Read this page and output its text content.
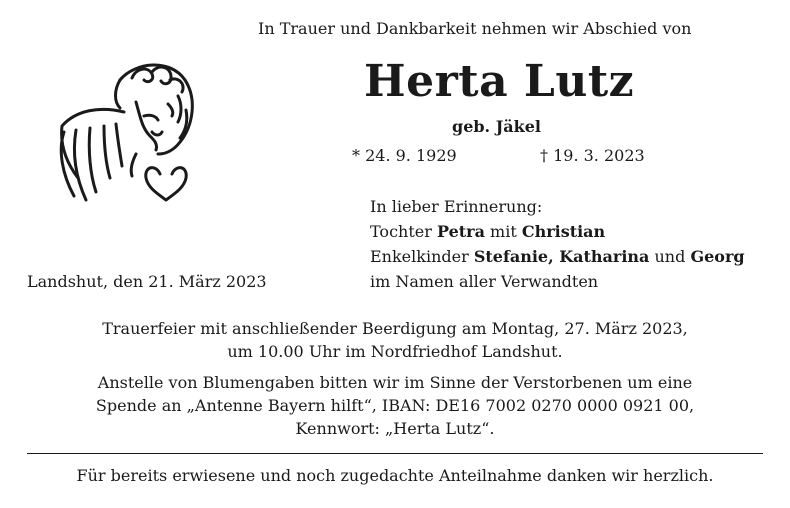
In Trauer und Dankbarkeit nehmen wir Abschied von
Herta Lutz
geb. Jäkel
* 24. 9. 1929	† 19. 3. 2023
In lieber Erinnerung:
Tochter Petra mit Christian
Enkelkinder Stefanie, Katharina und Georg
im Namen aller Verwandten
Landshut, den 21. März 2023
Trauerfeier mit anschließender Beerdigung am Montag, 27. März 2023,
um 10.00 Uhr im Nordfriedhof Landshut.
Anstelle von Blumengaben bitten wir im Sinne der Verstorbenen um eine
Spende an „Antenne Bayern hilft“, IBAN: DE16 7002 0270 0000 0921 00,
Kennwort: „Herta Lutz“.
Für bereits erwiesene und noch zugedachte Anteilnahme danken wir herzlich.
